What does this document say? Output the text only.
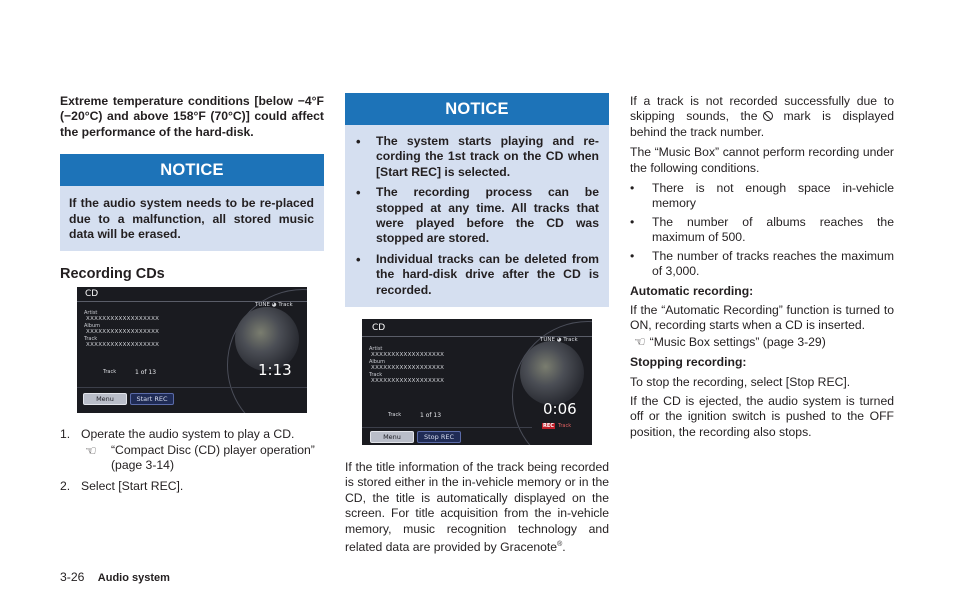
Extreme temperature conditions [below −4°F (−20°C) and above 158°F (70°C)] could affect the performance of the hard-disk.

NOTICE
If the audio system needs to be re-placed due to a malfunction, all stored music data will be erased.
Recording CDs
CD
TUNE ◕ Track
Artist
XXXXXXXXXXXXXXXXXX
Album
XXXXXXXXXXXXXXXXXX
Track
XXXXXXXXXXXXXXXXXX
Track	1 of 13	1:13
Menu	Start REC
1. Operate the audio system to play a CD.
☜ “Compact Disc (CD) player operation” (page 3-14)
2. Select [Start REC].
NOTICE
• The system starts playing and re-cording the 1st track on the CD when [Start REC] is selected.
• The recording process can be stopped at any time. All tracks that were played before the CD was stopped are stored.
• Individual tracks can be deleted from the hard-disk drive after the CD is recorded.
CD
TUNE ◕ Track
Artist
XXXXXXXXXXXXXXXXXX
Album
XXXXXXXXXXXXXXXXXX
Track
XXXXXXXXXXXXXXXXXX
Track	1 of 13	0:06
REC Track
Menu	Stop REC

If the title information of the track being recorded is stored either in the in-vehicle memory or in the CD, the title is automatically displayed on the screen. For title acquisition from the in-vehicle memory, music recognition technology and related data are provided by Gracenote®.

If a track is not recorded successfully due to skipping sounds, the mark is displayed behind the track number.

The “Music Box” cannot perform recording under the following conditions.

• There is not enough space in-vehicle memory
• The number of albums reaches the maximum of 500.
• The number of tracks reaches the maximum of 3,000.

Automatic recording:

If the “Automatic Recording” function is turned to ON, recording starts when a CD is inserted.

☜ “Music Box settings” (page 3-29)

Stopping recording:

To stop the recording, select [Stop REC].

If the CD is ejected, the audio system is turned off or the ignition switch is pushed to the OFF position, the recording also stops.

3-26 Audio system
